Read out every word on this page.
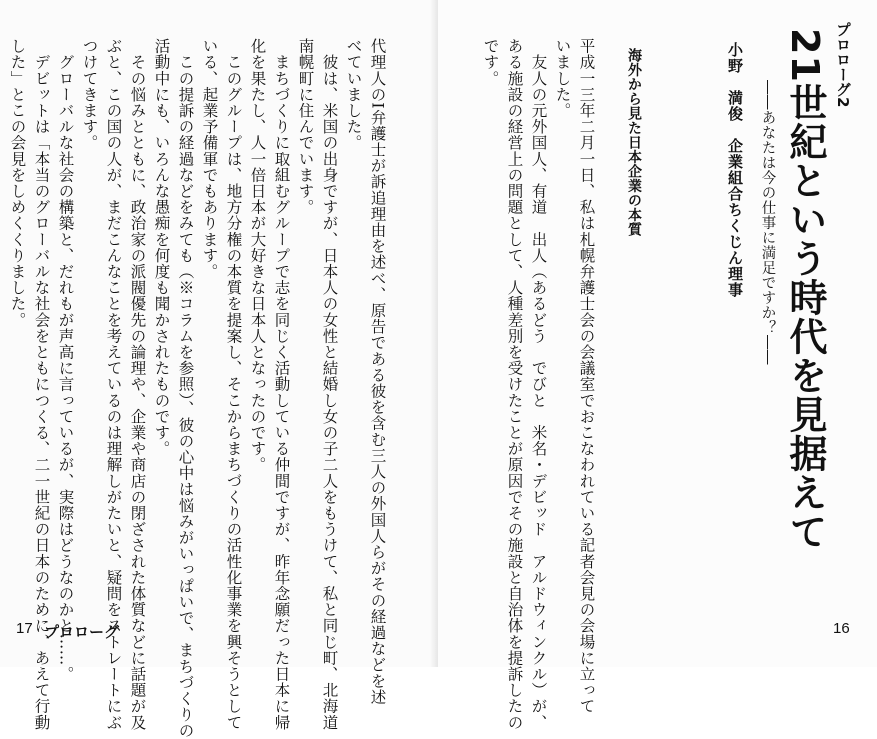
代理人のI弁護士が訴追理由を述べ、原告である彼を含む三人の外国人らがその経過などを述
べていました。
　彼は、米国の出身ですが、日本人の女性と結婚し女の子二人をもうけて、私と同じ町、北海道
南幌町に住んでいます。
　まちづくりに取組むグループで志を同じく活動している仲間ですが、昨年念願だった日本に帰
化を果たし、人一倍日本が大好きな日本人となったのです。
　このグループは、地方分権の本質を提案し、そこからまちづくりの活性化事業を興そうとして
いる、起業予備軍でもあります。
　この提訴の経過などをみても（※コラムを参照）、彼の心中は悩みがいっぱいで、まちづくりの
活動中にも、いろんな愚痴を何度も聞かされたものです。
　その悩みとともに、政治家の派閥優先の論理や、企業や商店の閉ざされた体質などに話題が及
ぶと、この国の人が、まだこんなことを考えているのは理解しがたいと、疑問をストレートにぶ
つけてきます。
　グローバルな社会の構築と、だれもが声高に言っているが、実際はどうなのかと……。
　デビットは「本当のグローバルな社会をともにつくる、二一世紀の日本のために、あえて行動
した」とこの会見をしめくくりました。
17 プロローグ
プロローグ2
21世紀という時代を見据えて
――あなたは今の仕事に満足ですか？――
小野　満俊　企業組合ちくじん理事
海外から見た日本企業の本質
平成一三年二月一日、私は札幌弁護士会の会議室でおこなわれている記者会見の会場に立って
いました。
　友人の元外国人、有道　出人（あるどう　でびと　米名・デビッド　アルドウィンクル）が、
ある施設の経営上の問題として、人種差別を受けたことが原因でその施設と自治体を提訴したの
です。
16
